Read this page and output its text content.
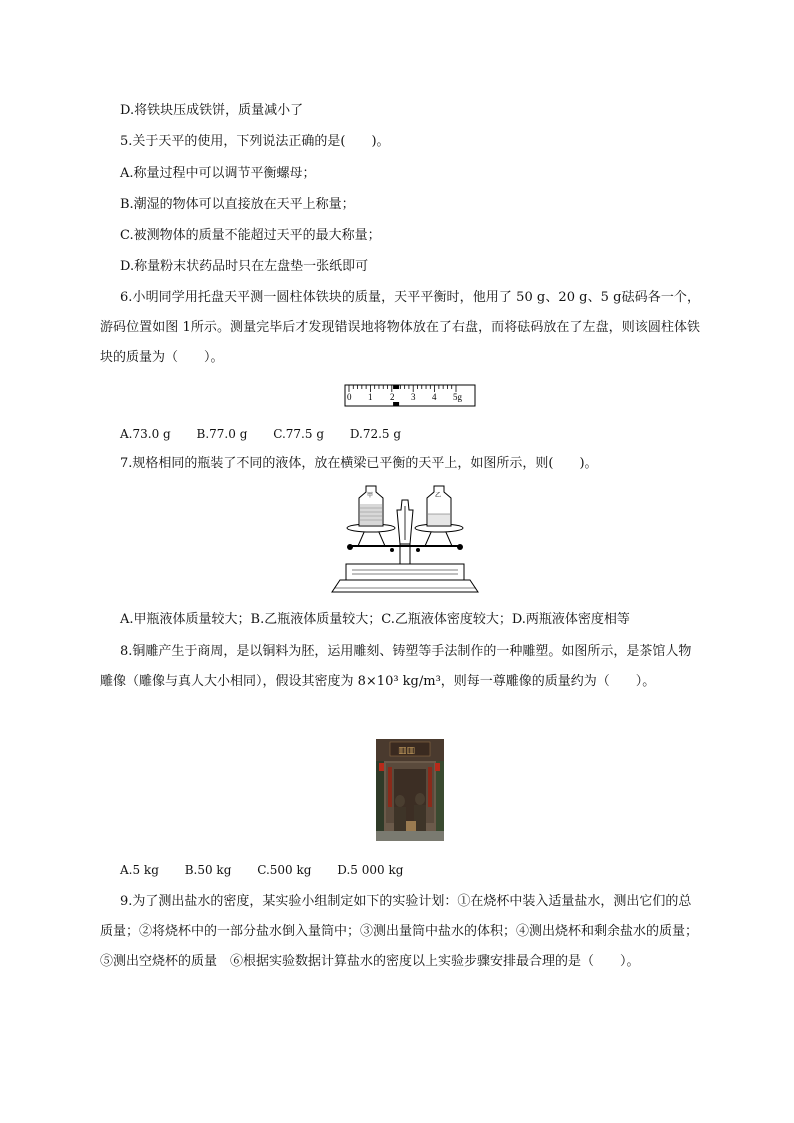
D.将铁块压成铁饼，质量减小了
5.关于天平的使用，下列说法正确的是(　　)。
A.称量过程中可以调节平衡螺母；
B.潮湿的物体可以直接放在天平上称量；
C.被测物体的质量不能超过天平的最大称量；
D.称量粉末状药品时只在左盘垫一张纸即可
6.小明同学用托盘天平测一圆柱体铁块的质量，天平平衡时，他用了 50 g、20 g、5 g砝码各一个，游码位置如图 1所示。测量完毕后才发现错误地将物体放在了右盘，而将砝码放在了左盘，则该圆柱体铁块的质量为（　　）。
0 1 2 3 4 5g
A.73.0 g B.77.0 g C.77.5 g D.72.5 g
7.规格相同的瓶装了不同的液体，放在横梁已平衡的天平上，如图所示，则(　　)。
甲	乙
A.甲瓶液体质量较大；B.乙瓶液体质量较大；C.乙瓶液体密度较大；D.两瓶液体密度相等
8.铜雕产生于商周，是以铜料为胚，运用雕刻、铸塑等手法制作的一种雕塑。如图所示，是茶馆人物雕像（雕像与真人大小相同），假设其密度为 8×10³ kg/m³，则每一尊雕像的质量约为（　　）。
▥▥
A.5 kg B.50 kg C.500 kg D.5 000 kg
9.为了测出盐水的密度，某实验小组制定如下的实验计划：①在烧杯中装入适量盐水，测出它们的总质量；②将烧杯中的一部分盐水倒入量筒中；③测出量筒中盐水的体积；④测出烧杯和剩余盐水的质量；⑤测出空烧杯的质量　⑥根据实验数据计算盐水的密度以上实验步骤安排最合理的是（　　）。
